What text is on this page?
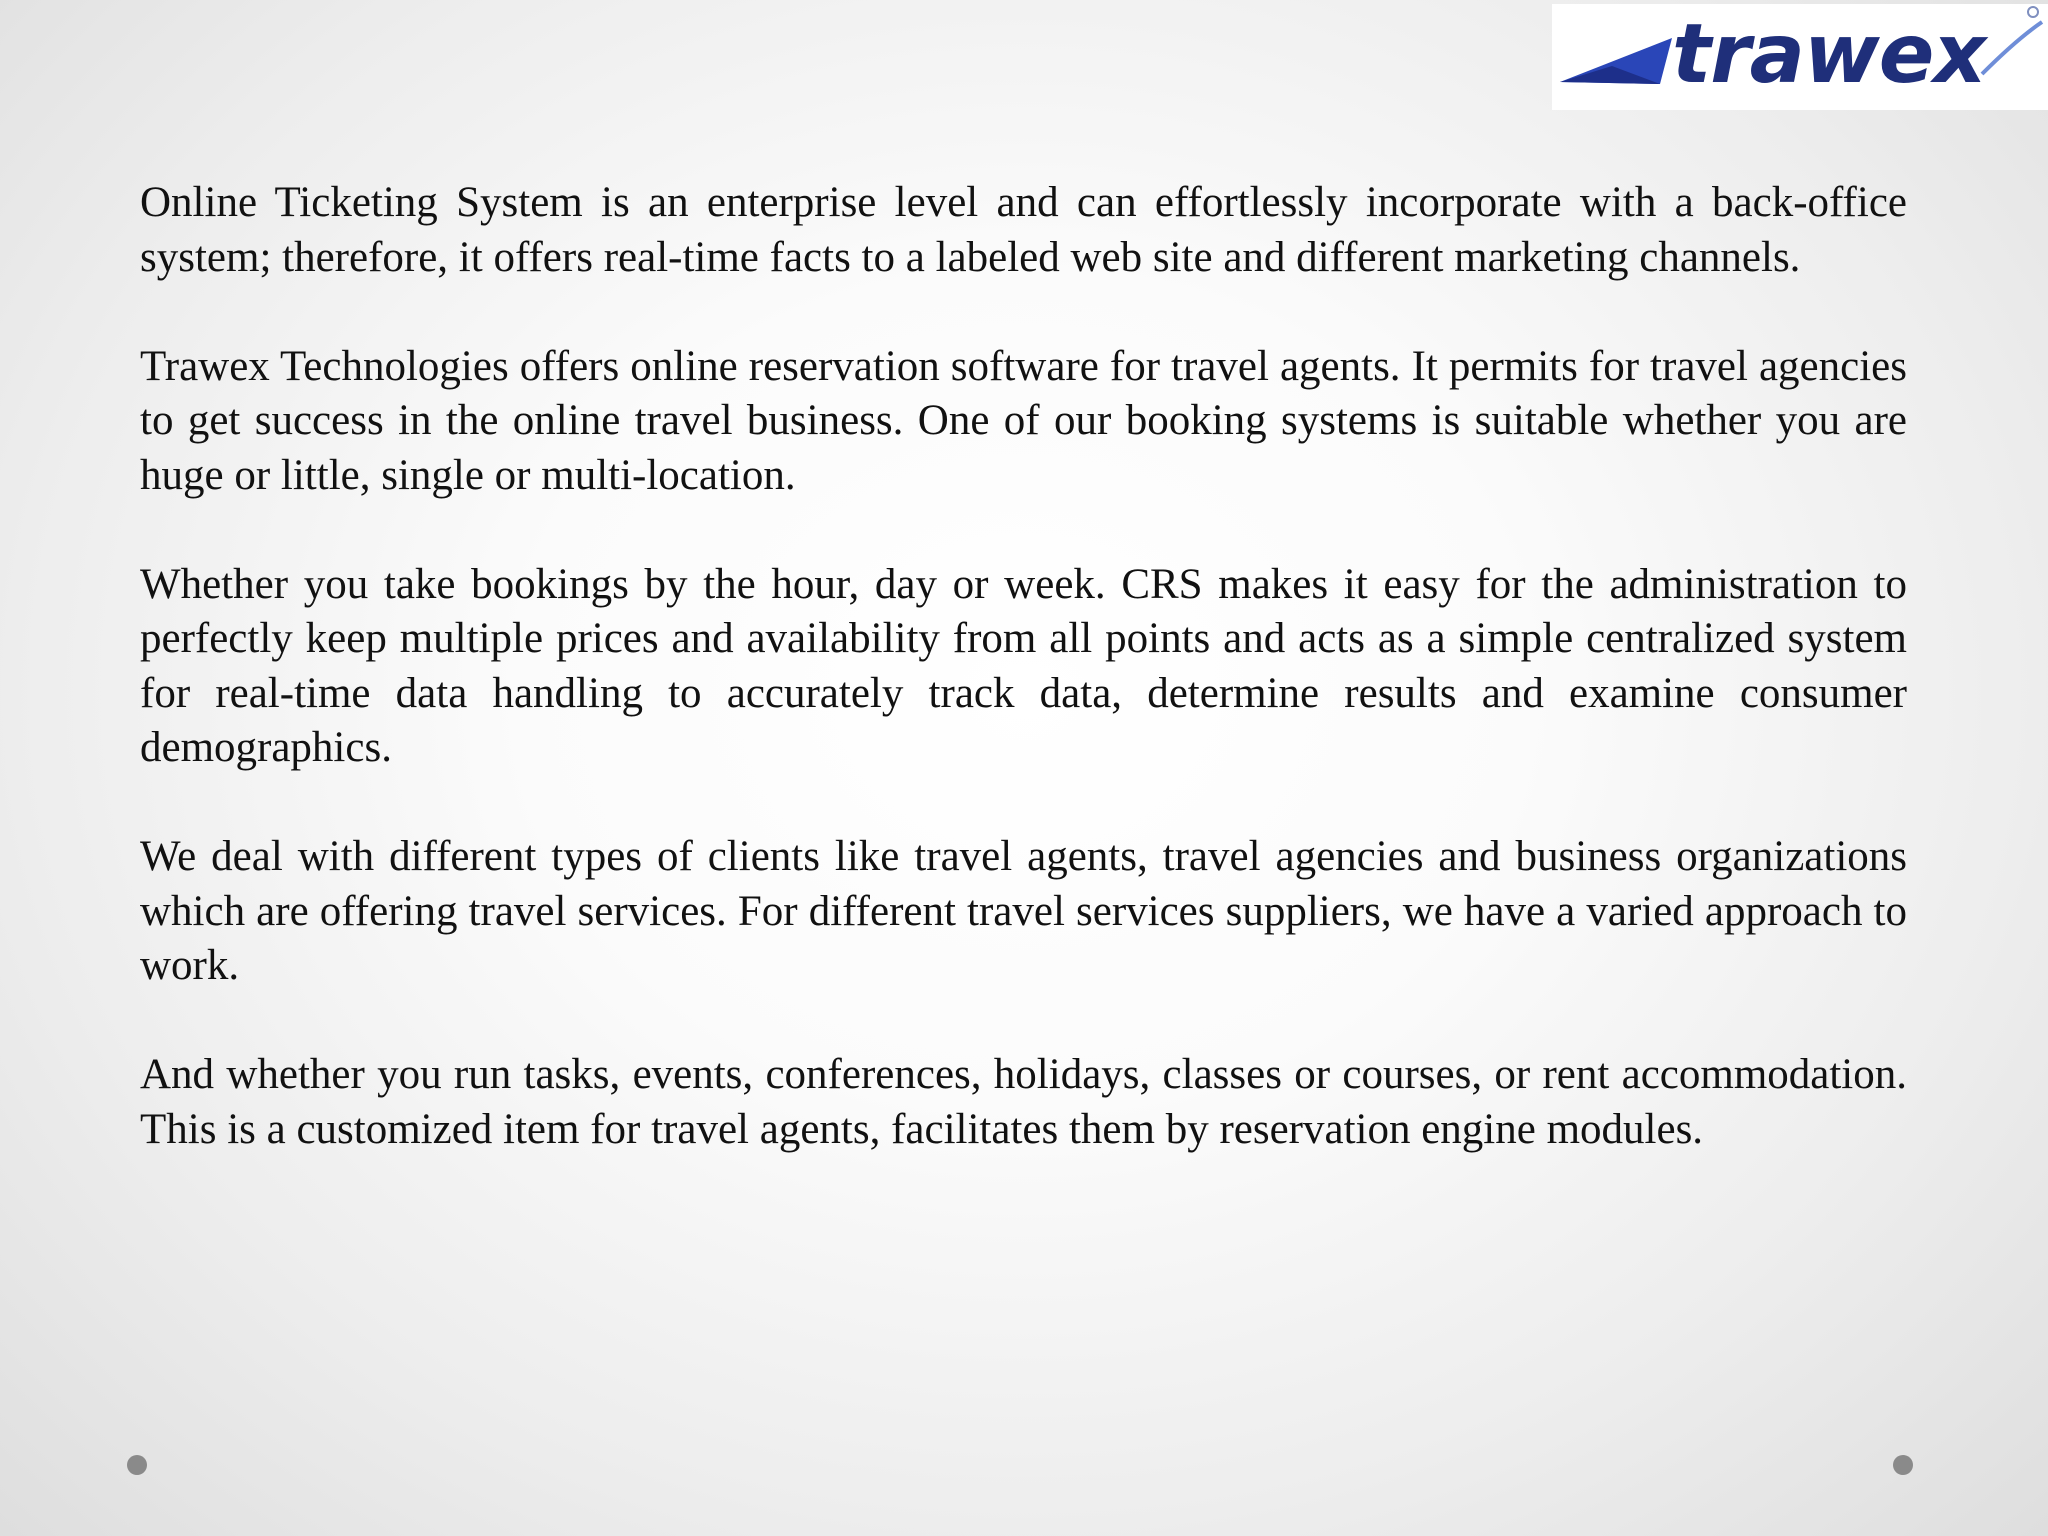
trawex

Online Ticketing System is an enterprise level and can effortlessly incorporate with a back-office system; therefore, it offers real-time facts to a labeled web site and different marketing channels.

Trawex Technologies offers online reservation software for travel agents. It permits for travel agencies to get success in the online travel business. One of our booking systems is suitable whether you are huge or little, single or multi-location.

Whether you take bookings by the hour, day or week. CRS makes it easy for the administration to perfectly keep multiple prices and availability from all points and acts as a simple centralized system for real-time data handling to accurately track data, determine results and examine consumer demographics.

We deal with different types of clients like travel agents, travel agencies and business organizations which are offering travel services. For different travel services suppliers, we have a varied approach to work.

And whether you run tasks, events, conferences, holidays, classes or courses, or rent accommodation. This is a customized item for travel agents, facilitates them by reservation engine modules.
